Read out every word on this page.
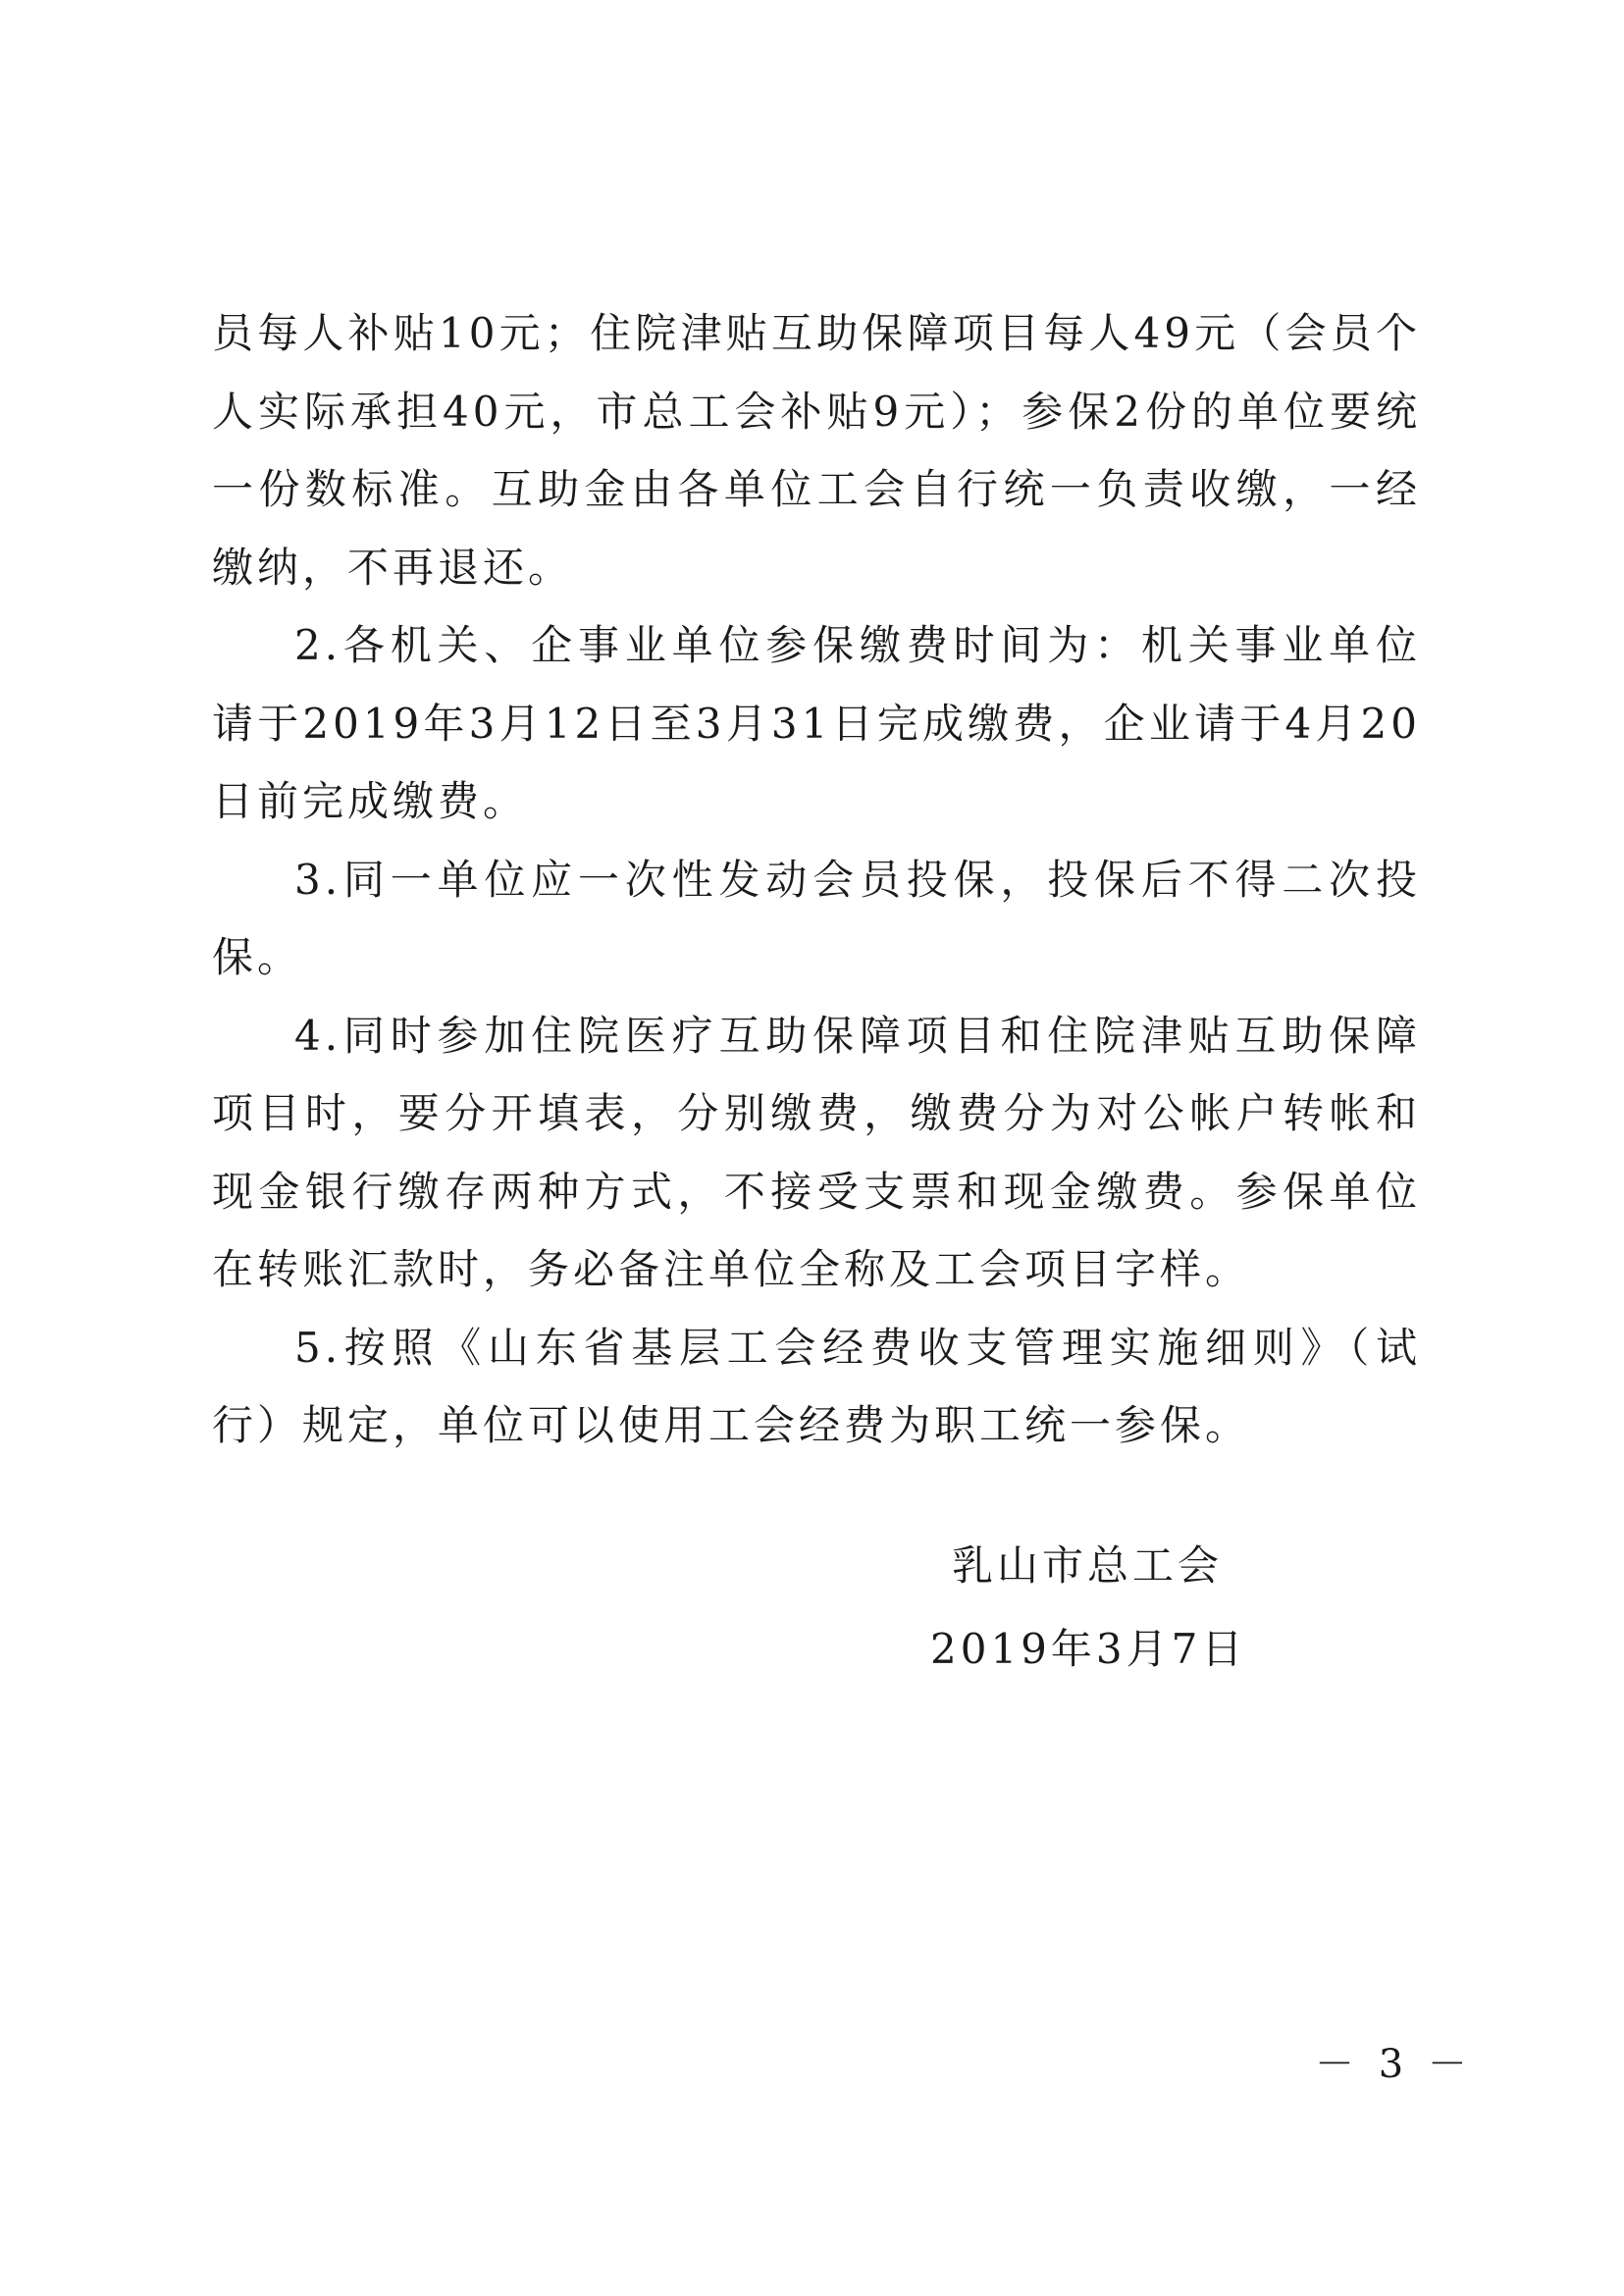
员每人补贴10元；住院津贴互助保障项目每人49元（会员个人实际承担40元，市总工会补贴9元）；参保2份的单位要统一份数标准。互助金由各单位工会自行统一负责收缴，一经缴纳，不再退还。

2.各机关、企事业单位参保缴费时间为：机关事业单位请于2019年3月12日至3月31日完成缴费，企业请于4月20日前完成缴费。

3.同一单位应一次性发动会员投保，投保后不得二次投保。

4.同时参加住院医疗互助保障项目和住院津贴互助保障项目时，要分开填表，分别缴费，缴费分为对公帐户转帐和现金银行缴存两种方式，不接受支票和现金缴费。参保单位在转账汇款时，务必备注单位全称及工会项目字样。

5.按照《山东省基层工会经费收支管理实施细则》（试行）规定，单位可以使用工会经费为职工统一参保。

乳山市总工会
2019年3月7日
－ 3 －
